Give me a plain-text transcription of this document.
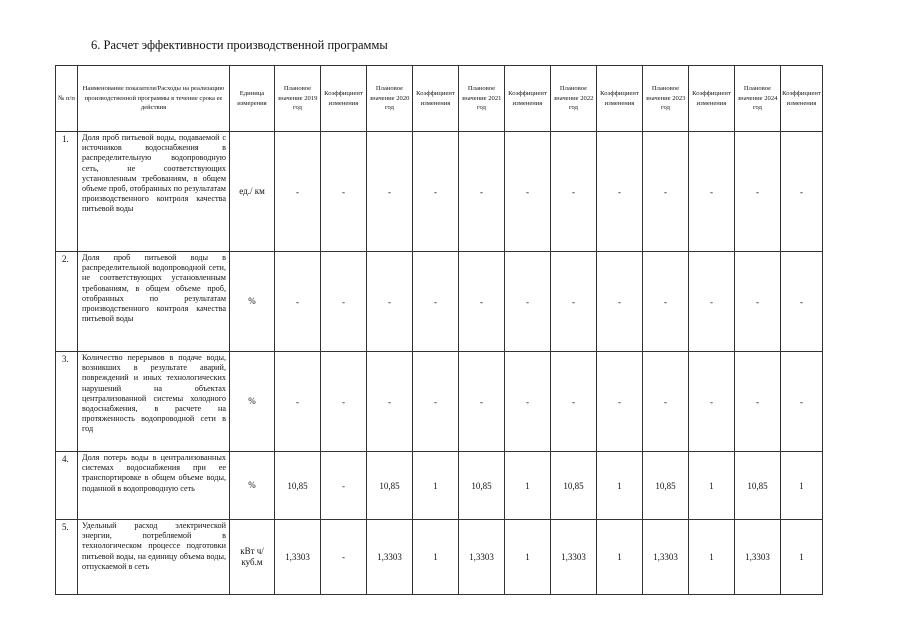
6. Расчет эффективности производственной программы
№ п/п	Наименование показателя/Расходы на реализацию производственной программы в течение срока ее действия	Единица измерения	Плановое значение 2019 год	Коэффициент изменения	Плановое значение 2020 год	Коэффициент изменения	Плановое значение 2021 год	Коэффициент изменения	Плановое значение 2022 год	Коэффициент изменения	Плановое значение 2023 год	Коэффициент изменения	Плановое значение 2024 год	Коэффициент изменения

1.	Доля проб питьевой воды, подаваемой с источников водоснабжения в распределительную водопроводную сеть, не соответствующих установленным требованиям, в общем объеме проб, отобранных по результатам производственного контроля качества питьевой воды	ед./ км	-	-	-	-	-	-	-	-	-	-	-	-
2.	Доля проб питьевой воды в распределительной водопроводной сети, не соответствующих установленным требованиям, в общем объеме проб, отобранных по результатам производственного контроля качества питьевой воды	%	-	-	-	-	-	-	-	-	-	-	-	-
3.	Количество перерывов в подаче воды, возникших в результате аварий, повреждений и иных технологических нарушений на объектах централизованной системы холодного водоснабжения, в расчете на протяженность водопроводной сети в год	%	-	-	-	-	-	-	-	-	-	-	-	-
4.	Доля потерь воды в централизованных системах водоснабжения при ее транспортировке в общем объеме воды, поданной в водопроводную сеть	%	10,85	-	10,85	1	10,85	1	10,85	1	10,85	1	10,85	1
5.	Удельный расход электрической энергии, потребляемой в технологическом процессе подготовки питьевой воды, на единицу объема воды, отпускаемой в сеть	кВт ч/куб.м	1,3303	-	1,3303	1	1,3303	1	1,3303	1	1,3303	1	1,3303	1
